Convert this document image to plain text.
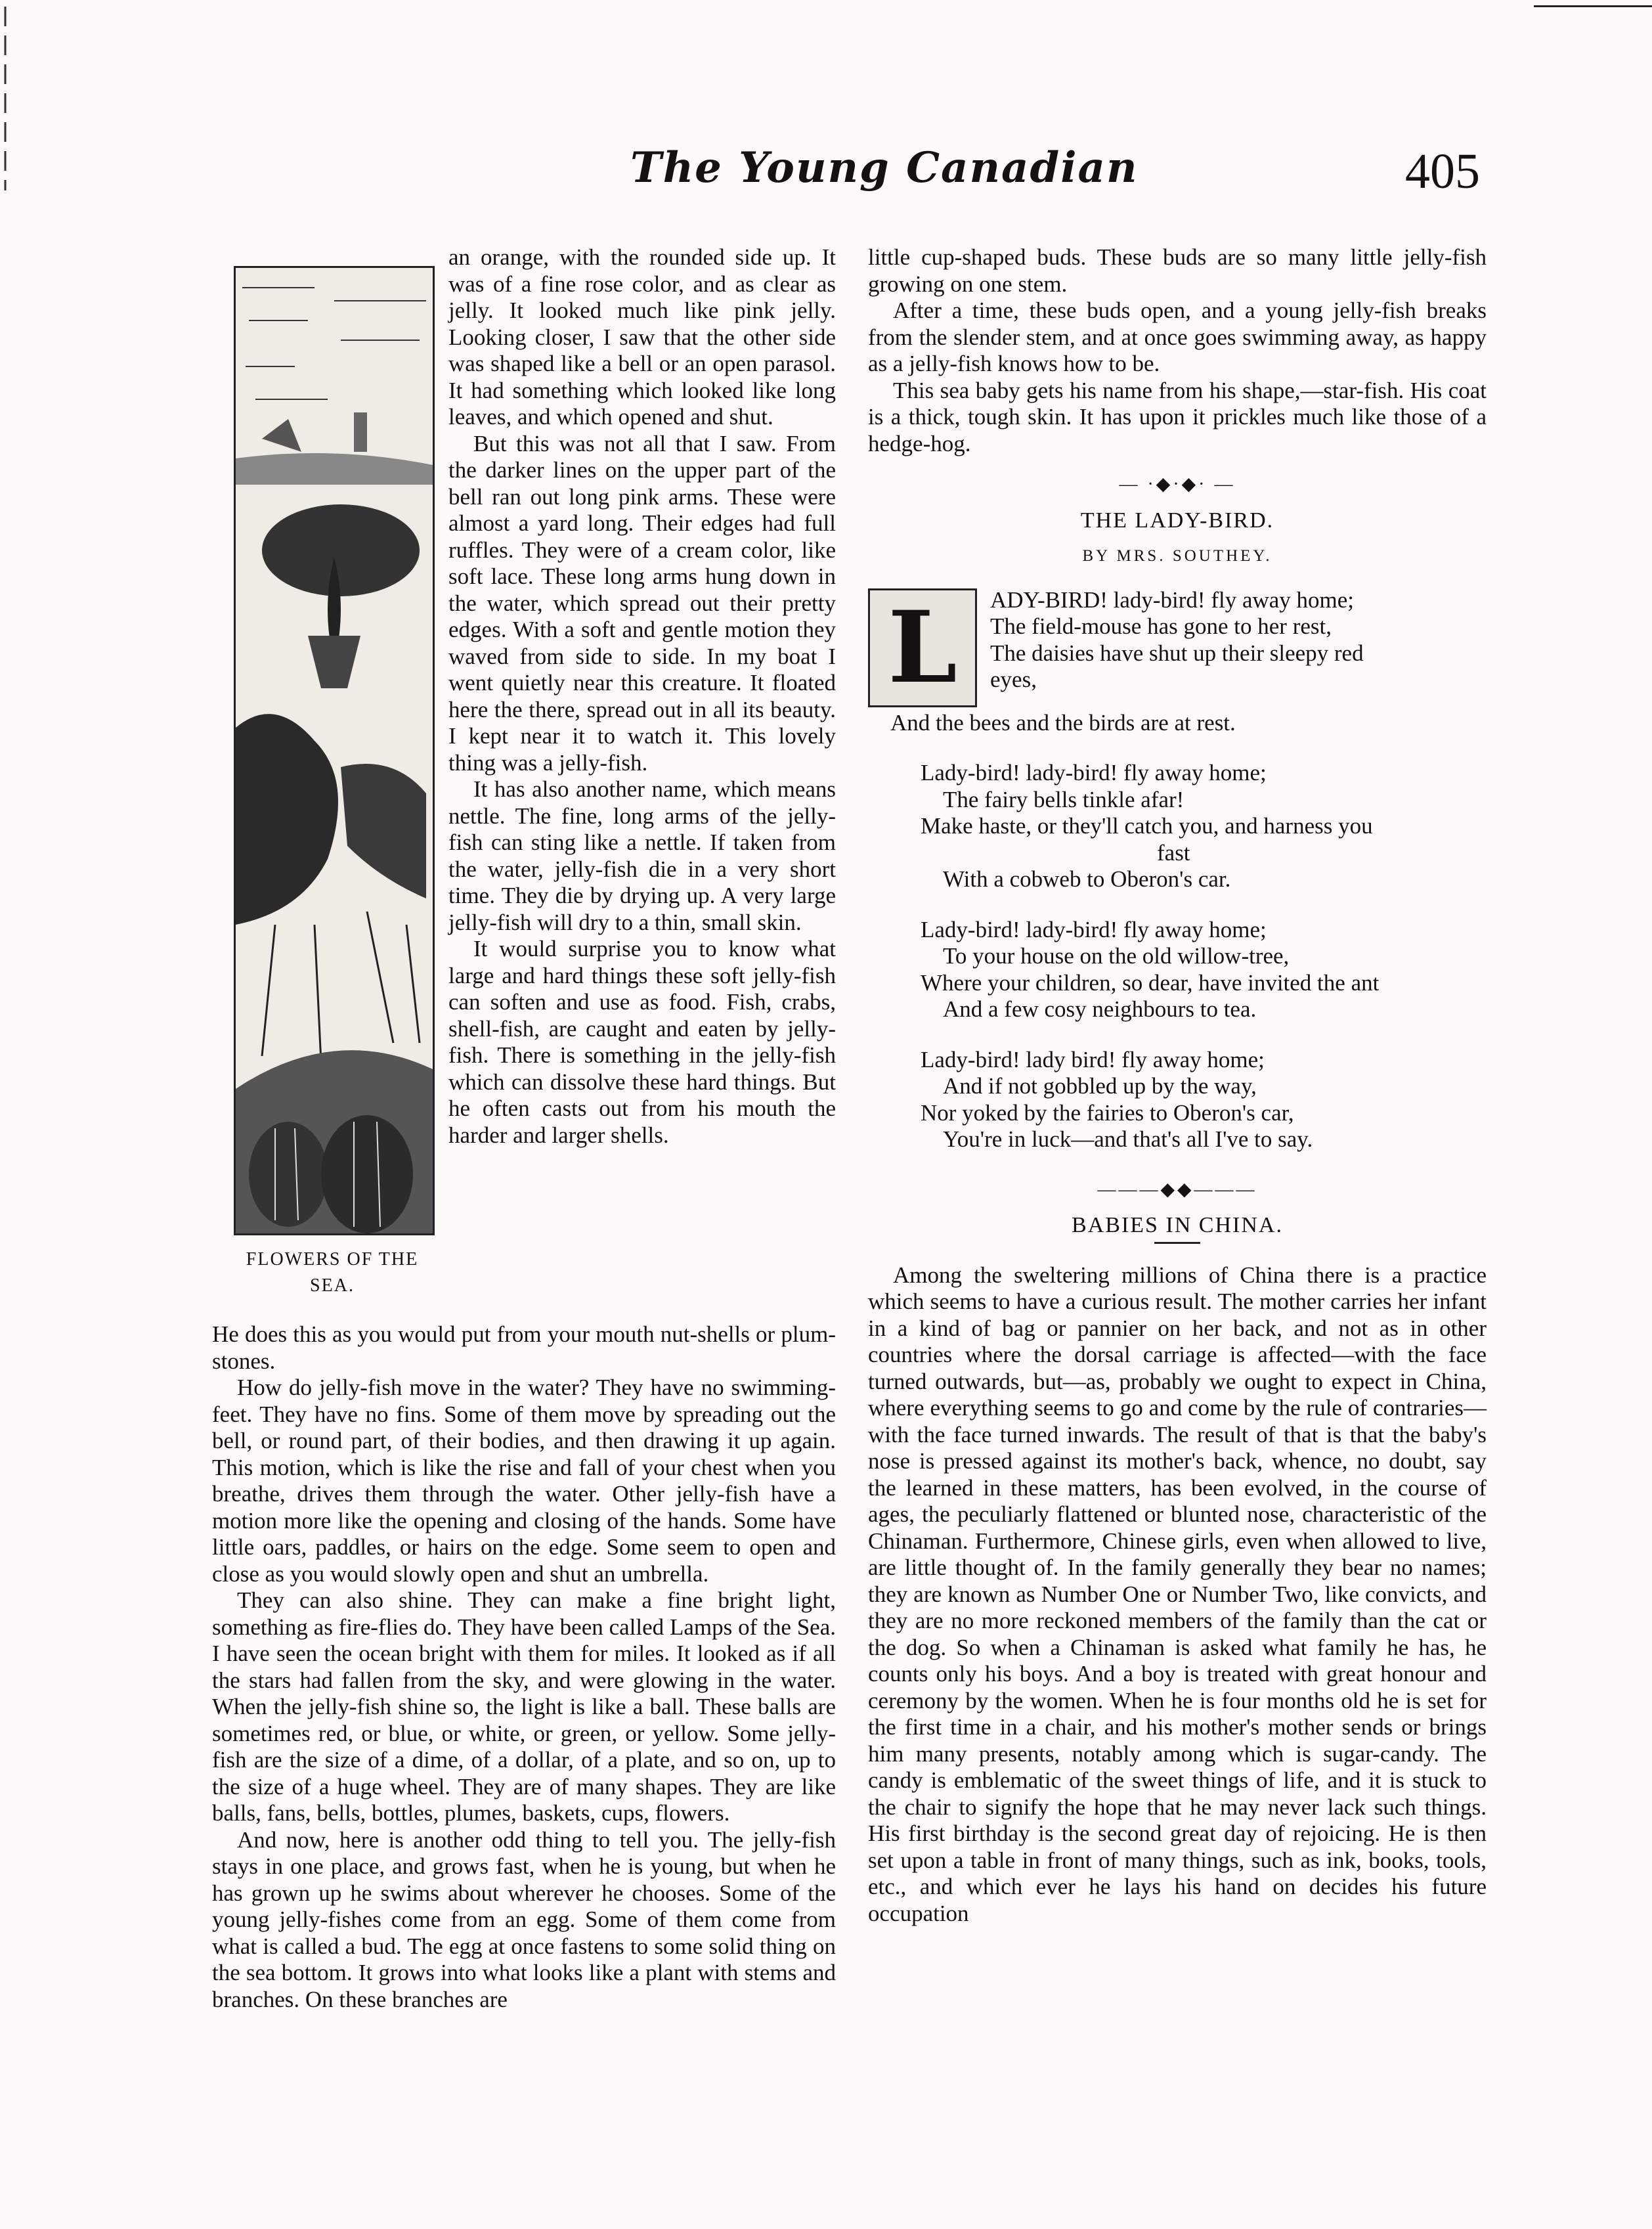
The Young Canadian	405
FLOWERS OF THE
SEA.

an orange, with the rounded side up. It was of a fine rose color, and as clear as jelly. It looked much like pink jelly. Looking closer, I saw that the other side was shaped like a bell or an open parasol. It had something which looked like long leaves, and which opened and shut.

But this was not all that I saw. From the darker lines on the upper part of the bell ran out long pink arms. These were almost a yard long. Their edges had full ruffles. They were of a cream color, like soft lace. These long arms hung down in the water, which spread out their pretty edges. With a soft and gentle motion they waved from side to side. In my boat I went quietly near this creature. It floated here the there, spread out in all its beauty. I kept near it to watch it. This lovely thing was a jelly-fish.

It has also another name, which means nettle. The fine, long arms of the jelly-fish can sting like a nettle. If taken from the water, jelly-fish die in a very short time. They die by drying up. A very large jelly-fish will dry to a thin, small skin.

It would surprise you to know what large and hard things these soft jelly-fish can soften and use as food. Fish, crabs, shell-fish, are caught and eaten by jelly-fish. There is something in the jelly-fish which can dissolve these hard things. But he often casts out from his mouth the harder and larger shells.

He does this as you would put from your mouth nut-shells or plum-stones.

How do jelly-fish move in the water? They have no swimming-feet. They have no fins. Some of them move by spreading out the bell, or round part, of their bodies, and then drawing it up again. This motion, which is like the rise and fall of your chest when you breathe, drives them through the water. Other jelly-fish have a motion more like the opening and closing of the hands. Some have little oars, paddles, or hairs on the edge. Some seem to open and close as you would slowly open and shut an umbrella.

They can also shine. They can make a fine bright light, something as fire-flies do. They have been called Lamps of the Sea. I have seen the ocean bright with them for miles. It looked as if all the stars had fallen from the sky, and were glowing in the water. When the jelly-fish shine so, the light is like a ball. These balls are sometimes red, or blue, or white, or green, or yellow. Some jelly-fish are the size of a dime, of a dollar, of a plate, and so on, up to the size of a huge wheel. They are of many shapes. They are like balls, fans, bells, bottles, plumes, baskets, cups, flowers.

And now, here is another odd thing to tell you. The jelly-fish stays in one place, and grows fast, when he is young, but when he has grown up he swims about wherever he chooses. Some of the young jelly-fishes come from an egg. Some of them come from what is called a bud. The egg at once fastens to some solid thing on the sea bottom. It grows into what looks like a plant with stems and branches. On these branches are

little cup-shaped buds. These buds are so many little jelly-fish growing on one stem.

After a time, these buds open, and a young jelly-fish breaks from the slender stem, and at once goes swimming away, as happy as a jelly-fish knows how to be.

This sea baby gets his name from his shape,—star-fish. His coat is a thick, tough skin. It has upon it prickles much like those of a hedge-hog.

— ·◆·◆· —
THE LADY-BIRD.
BY MRS. SOUTHEY.
L	ADY-BIRD! lady-bird! fly away home;
The field-mouse has gone to her rest,
The daisies have shut up their sleepy red
eyes,
And the bees and the birds are at rest.
Lady-bird! lady-bird! fly away home;
The fairy bells tinkle afar!
Make haste, or they'll catch you, and harness you
fast
With a cobweb to Oberon's car.
Lady-bird! lady-bird! fly away home;
To your house on the old willow-tree,
Where your children, so dear, have invited the ant
And a few cosy neighbours to tea.
Lady-bird! lady bird! fly away home;
And if not gobbled up by the way,
Nor yoked by the fairies to Oberon's car,
You're in luck—and that's all I've to say.
———◆◆———
BABIES IN CHINA.

Among the sweltering millions of China there is a practice which seems to have a curious result. The mother carries her infant in a kind of bag or pannier on her back, and not as in other countries where the dorsal carriage is affected—with the face turned outwards, but—as, probably we ought to expect in China, where everything seems to go and come by the rule of contraries—with the face turned inwards. The result of that is that the baby's nose is pressed against its mother's back, whence, no doubt, say the learned in these matters, has been evolved, in the course of ages, the peculiarly flattened or blunted nose, characteristic of the Chinaman. Furthermore, Chinese girls, even when allowed to live, are little thought of. In the family generally they bear no names; they are known as Number One or Number Two, like convicts, and they are no more reckoned members of the family than the cat or the dog. So when a Chinaman is asked what family he has, he counts only his boys. And a boy is treated with great honour and ceremony by the women. When he is four months old he is set for the first time in a chair, and his mother's mother sends or brings him many presents, notably among which is sugar-candy. The candy is emblematic of the sweet things of life, and it is stuck to the chair to signify the hope that he may never lack such things. His first birthday is the second great day of rejoicing. He is then set upon a table in front of many things, such as ink, books, tools, etc., and which ever he lays his hand on decides his future occupation
